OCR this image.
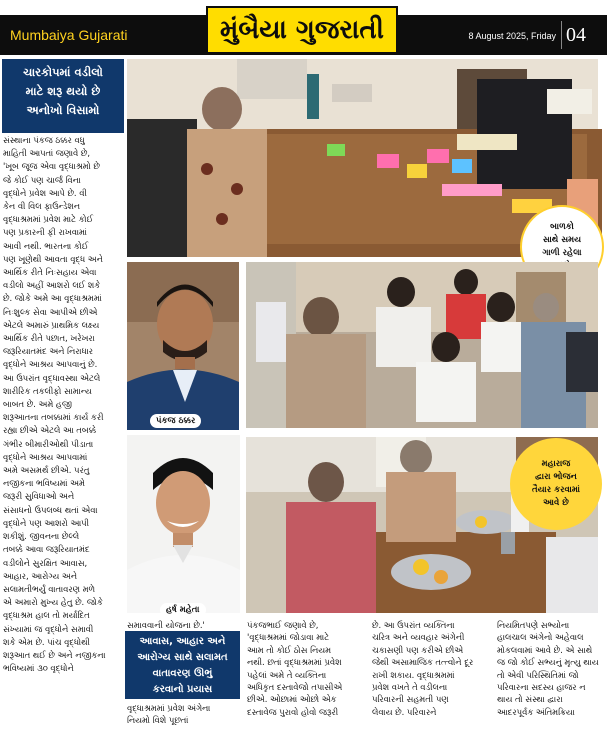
Mumbaiya Gujarati	મુંબૈયા ગુજરાતી	8 August 2025, Friday 04
ચારકોપમાં વડીલો
માટે શરૂ થયો છે
અનોખો વિસામો

સંસ્થાના પંકજ ઠક્કર વધુ

માહિતી આપતાં જણાવે છે,

'ખૂબ જૂજ એવા વૃદ્ધાશ્રમો છે

જે કોઈ પણ ચાર્જ વિના

વૃદ્ધોને પ્રવેશ આપે છે. વી

કેન વી વિલ ફાઉન્ડેશન

વૃદ્ધાશ્રમમાં પ્રવેશ માટે કોઈ

પણ પ્રકારની ફી રાખવામાં

આવી નથી. ભારતના કોઈ

પણ ખૂણેથી આવતા વૃદ્ધ અને

આર્થિક રીતે નિઃસહાય એવા

વડીલો અહીં આશરો લઈ શકે

છે. જોકે અમે આ વૃદ્ધાશ્રમમાં

નિઃશુલ્ક સેવા આપીએ છીએ

એટલે અમારું પ્રાથમિક લક્ષ્ય

આર્થિક રીતે પછાત, ખરેખરા

જરૂરિયાતમંદ અને નિરાધાર

વૃદ્ધોને આશ્રય આપવાનું છે.

આ ઉપરાંત વૃદ્ધાવસ્થા એટલે

શારીરિક તકલીફો સામાન્ય

બાબત છે. અમે હજી

શરૂઆતના તબક્કામાં કાર્ય કરી

રહ્યા છીએ એટલે આ તબક્કે

ગંભીર બીમારીઓથી પીડાતા

વૃદ્ધોને આશ્રય આપવામાં

અમે અસમર્થ છીએ. પરંતુ

નજીકના ભવિષ્યમાં અમે

જરૂરી સુવિધાઓ અને

સંસાધનો ઉપલબ્ધ થતાં એવા

વૃદ્ધોને પણ આશરો આપી

શકીશું. જીવનના છેલ્લે

તબક્કે આવા જરૂરિયાતમંદ

વડીલોને સુરક્ષિત આવાસ,

આહાર, આરોગ્ય અને

સલામતીભર્યું વાતાવરણ મળે

એ અમારો મુખ્ય હેતુ છે. જોકે

વૃદ્ધાશ્રમ હાલ તો મર્યાદિત

સંખ્યામાં જ વૃદ્ધોને સમાવી

શકે એમ છે. પાંચ વૃદ્ધોથી

શરૂઆત થઈ છે અને નજીકના

ભવિષ્યમાં ૩૦ વૃદ્ધોને

બાળકો
સાથે સમય
ગાળી રહેલા
પંકજ ઠક્કર
હર્ષ મહેતા
મહારાજ
દ્વારા ભોજન
તૈયાર કરવામાં
આવે છે

સમાવવાની યોજના છે.'

આવાસ, આહાર અને
આરોગ્ય સાથે સલામત
વાતાવરણ ઊભું
કરવાનો પ્રયાસ

વૃદ્ધાશ્રમમાં પ્રવેશ અંગેના

નિયમો વિશે પૂછતાં

પંકજભાઈ જણાવે છે,

'વૃદ્ધાશ્રમમાં જોડાવા માટે

આમ તો કોઈ ઠોસ નિયમ

નથી. છતાં વૃદ્ધાશ્રમમાં પ્રવેશ

પહેલાં અમે તે વ્યક્તિના

અધિકૃત દસ્તાવેજો તપાસીએ

છીએ. ઓછામાં ઓછો એક

દસ્તાવેજ પુરાવો હોવો જરૂરી

છે. આ ઉપરાંત વ્યક્તિના

ચરિત્ર અને વ્યવહાર અંગેની

ચકાસણી પણ કરીએ છીએ

જેથી અસામાજિક તત્ત્વોને દૂર

રાખી શકાય. વૃદ્ધાશ્રમમાં

પ્રવેશ વખતે તે વડીલના

પરિવારની સહમતી પણ

લેવાય છે. પરિવારને

નિયમિતપણે સભ્યોના

હાલચાલ અંગેનો અહેવાલ

મોકલવામાં આવે છે. એ સાથે

જ જો કોઈ સભ્યનું મૃત્યુ થાય

તો એવી પરિસ્થિતિમાં જો

પરિવારના સદસ્ય હાજર ન

થાય તો સંસ્થા દ્વારા

આદરપૂર્વક અંતિમક્રિયા
